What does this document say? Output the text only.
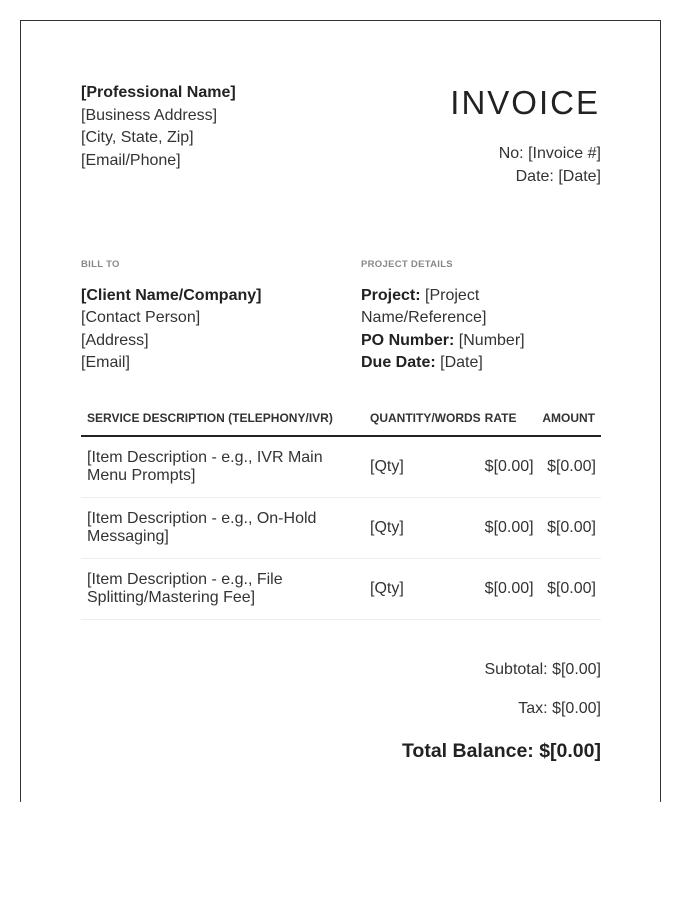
[Professional Name]
[Business Address]
[City, State, Zip]
[Email/Phone]
INVOICE
No: [Invoice #]
Date: [Date]
BILL TO
[Client Name/Company]
[Contact Person]
[Address]
[Email]
PROJECT DETAILS
Project: [Project Name/Reference]
PO Number: [Number]
Due Date: [Date]
SERVICE DESCRIPTION (TELEPHONY/IVR)	QUANTITY/WORDS	RATE	AMOUNT
[Item Description - e.g., IVR Main Menu Prompts]	[Qty]	$[0.00]	$[0.00]
[Item Description - e.g., On-Hold Messaging]	[Qty]	$[0.00]	$[0.00]
[Item Description - e.g., File Splitting/Mastering Fee]	[Qty]	$[0.00]	$[0.00]
Subtotal: $[0.00]
Tax: $[0.00]
Total Balance: $[0.00]
